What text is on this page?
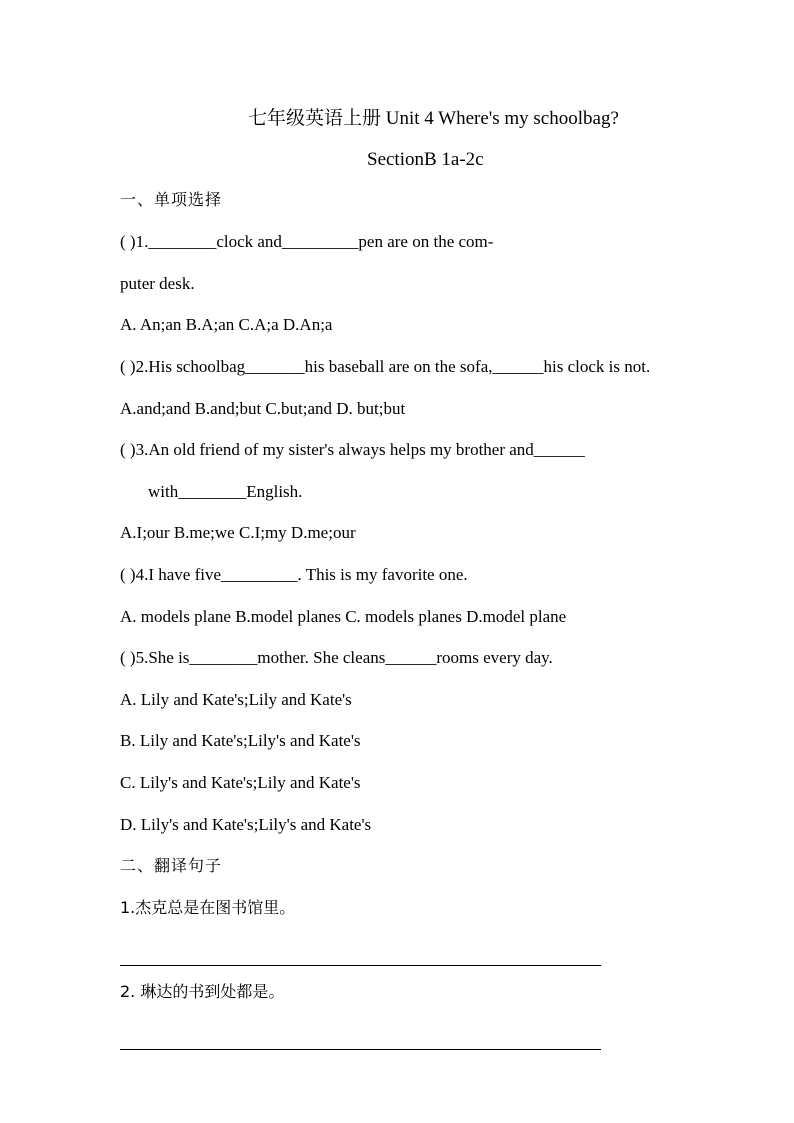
七年级英语上册 Unit 4 Where's my schoolbag?
SectionB 1a-2c
一、单项选择
( )1.________clock and_________pen are on the com-
puter desk.
A. An;an B.A;an C.A;a D.An;a
( )2.His schoolbag_______his baseball are on the sofa,______his clock is not.
A.and;and B.and;but C.but;and D. but;but
( )3.An old friend of my sister's always helps my brother and______
with________English.
A.I;our B.me;we C.I;my D.me;our
( )4.I have five_________. This is my favorite one.
A. models plane B.model planes C. models planes D.model plane
( )5.She is________mother. She cleans______rooms every day.
A. Lily and Kate's;Lily and Kate's
B. Lily and Kate's;Lily's and Kate's
C. Lily's and Kate's;Lily and Kate's
D. Lily's and Kate's;Lily's and Kate's
二、翻译句子
1.杰克总是在图书馆里。
2. 琳达的书到处都是。
